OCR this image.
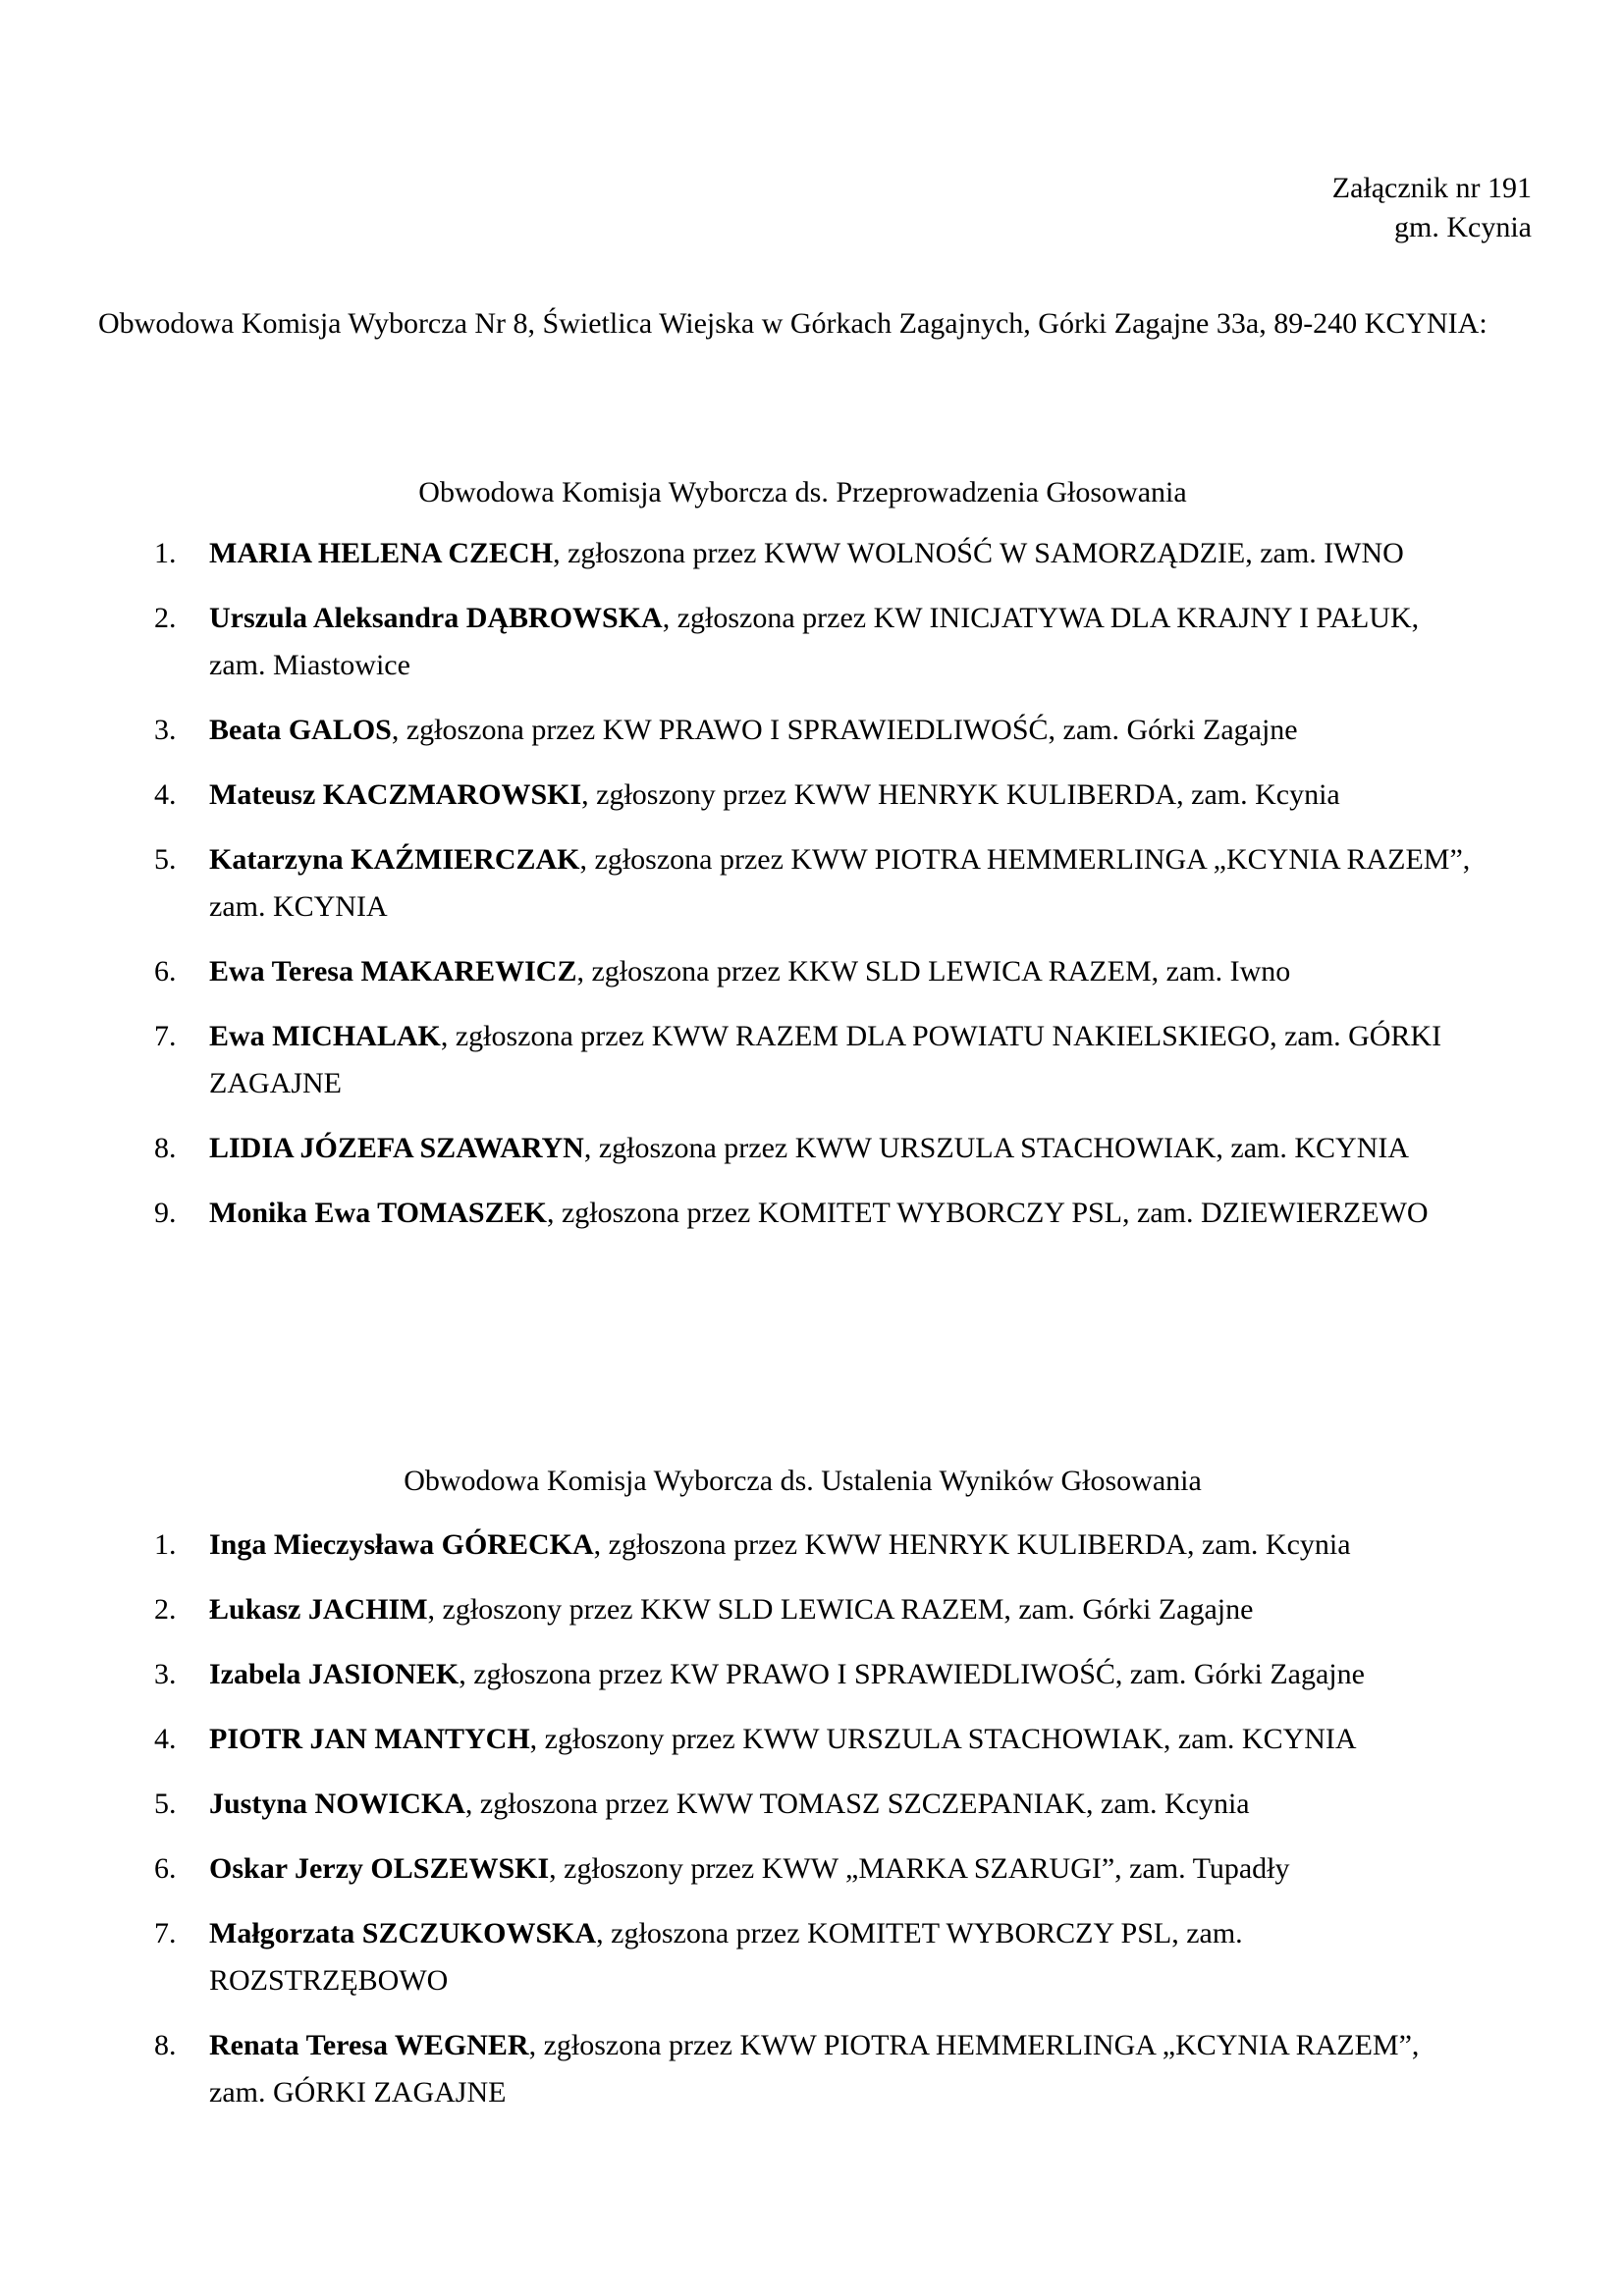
Załącznik nr 191
gm. Kcynia
Obwodowa Komisja Wyborcza Nr 8, Świetlica Wiejska w Górkach Zagajnych, Górki Zagajne 33a, 89-240 KCYNIA:
Obwodowa Komisja Wyborcza ds. Przeprowadzenia Głosowania
1. MARIA HELENA CZECH, zgłoszona przez KWW WOLNOŚĆ W SAMORZĄDZIE, zam. IWNO
2. Urszula Aleksandra DĄBROWSKA, zgłoszona przez KW INICJATYWA DLA KRAJNY I PAŁUK, zam. Miastowice
3. Beata GALOS, zgłoszona przez KW PRAWO I SPRAWIEDLIWOŚĆ, zam. Górki Zagajne
4. Mateusz KACZMAROWSKI, zgłoszony przez KWW HENRYK KULIBERDA, zam. Kcynia
5. Katarzyna KAŹMIERCZAK, zgłoszona przez KWW PIOTRA HEMMERLINGA „KCYNIA RAZEM”, zam. KCYNIA
6. Ewa Teresa MAKAREWICZ, zgłoszona przez KKW SLD LEWICA RAZEM, zam. Iwno
7. Ewa MICHALAK, zgłoszona przez KWW RAZEM DLA POWIATU NAKIELSKIEGO, zam. GÓRKI ZAGAJNE
8. LIDIA JÓZEFA SZAWARYN, zgłoszona przez KWW URSZULA STACHOWIAK, zam. KCYNIA
9. Monika Ewa TOMASZEK, zgłoszona przez KOMITET WYBORCZY PSL, zam. DZIEWIERZEWO
Obwodowa Komisja Wyborcza ds. Ustalenia Wyników Głosowania
1. Inga Mieczysława GÓRECKA, zgłoszona przez KWW HENRYK KULIBERDA, zam. Kcynia
2. Łukasz JACHIM, zgłoszony przez KKW SLD LEWICA RAZEM, zam. Górki Zagajne
3. Izabela JASIONEK, zgłoszona przez KW PRAWO I SPRAWIEDLIWOŚĆ, zam. Górki Zagajne
4. PIOTR JAN MANTYCH, zgłoszony przez KWW URSZULA STACHOWIAK, zam. KCYNIA
5. Justyna NOWICKA, zgłoszona przez KWW TOMASZ SZCZEPANIAK, zam. Kcynia
6. Oskar Jerzy OLSZEWSKI, zgłoszony przez KWW „MARKA SZARUGI”, zam. Tupadły
7. Małgorzata SZCZUKOWSKA, zgłoszona przez KOMITET WYBORCZY PSL, zam. ROZSTRZĘBOWO
8. Renata Teresa WEGNER, zgłoszona przez KWW PIOTRA HEMMERLINGA „KCYNIA RAZEM”, zam. GÓRKI ZAGAJNE
